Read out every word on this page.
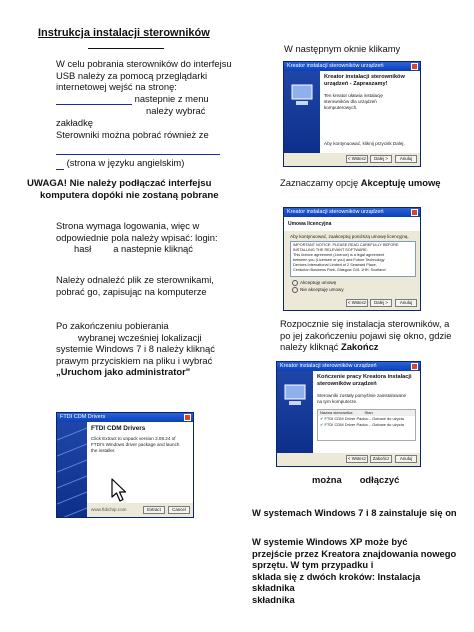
Instrukcja instalacji sterowników
W celu pobrania sterowników do interfejsu
USB należy za pomocą przeglądarki
internetowej wejść na stronę:
nastepnie z menu
należy wybrać
zakładkę
Sterowniki można pobrać również ze
(strona w języku angielskim)
UWAGA! Nie należy podłączać interfejsu
komputera dopóki nie zostaną pobrane
Strona wymaga logowania, więc w
odpowiednie pola należy wpisać: login:
hasł a nastepnie kliknąć
Należy odnaleźć plik ze sterownikami,
pobrać go, zapisując na komputerze
Po zakończeniu pobierania
wybranej wcześniej lokalizacji
systemie Windows 7 i 8 należy kliknąć
prawym przyciskiem na pliku i wybrać
„Uruchom jako administrator"
FTDI CDM Drivers
FTDI CDM Drivers
Click Extract to unpack version 2.08.24 of
FTDI's Windows driver package and launch
the installer.
www.ftdichip.com	Extract	Cancel
W następnym oknie klikamy
Kreator instalacji sterowników urządzeń
Kreator instalacji sterowników
urządzeń - Zapraszamy!
Ten kreator ułatwia instalację
sterowników dla urządzeń
komputerowych.
Aby kontynuować, kliknij przycisk Dalej.
< Wstecz	Dalej >	Anuluj
Zaznaczamy opcję Akceptuję umowę
Kreator instalacji sterowników urządzeń
Umowa licencyjna
Aby kontynuować, zaakceptuj poniższą umowę licencyjną.
IMPORTANT NOTICE: PLEASE READ CAREFULLY BEFORE
INSTALLING THE RELEVANT SOFTWARE:
This licence agreement (Licence) is a legal agreement
between you (Licensee or you) and Future Technology
Devices International Limited of 2 Seaward Place,
Centurion Business Park, Glasgow G41 1HH, Scotland
Akceptuję umowę
Nie akceptuję umowy
< Wstecz	Dalej >	Anuluj
Rozpocznie się instalacja sterowników, a
po jej zakończeniu pojawi się okno, gdzie
należy kliknąć Zakończ
Kreator instalacji sterowników urządzeń
Kończenie pracy Kreatora instalacji
sterowników urządzeń
Sterowniki zostały pomyślnie zainstalowane
na tym komputerze.
Nazwa sterownika	Stan
✔ FTDI CDM Driver Packa... Gotowe do użycia
✔ FTDI CDM Driver Packa... Gotowe do użycia
< Wstecz	Zakończ	Anuluj
można odłączyć
W systemach Windows 7 i 8 zainstaluje się on
W systemie Windows XP może być
przejście przez Kreatora znajdowania nowego
sprzętu. W tym przypadku i
sklada się z dwóch kroków: Instalacja
składnika
składnika
